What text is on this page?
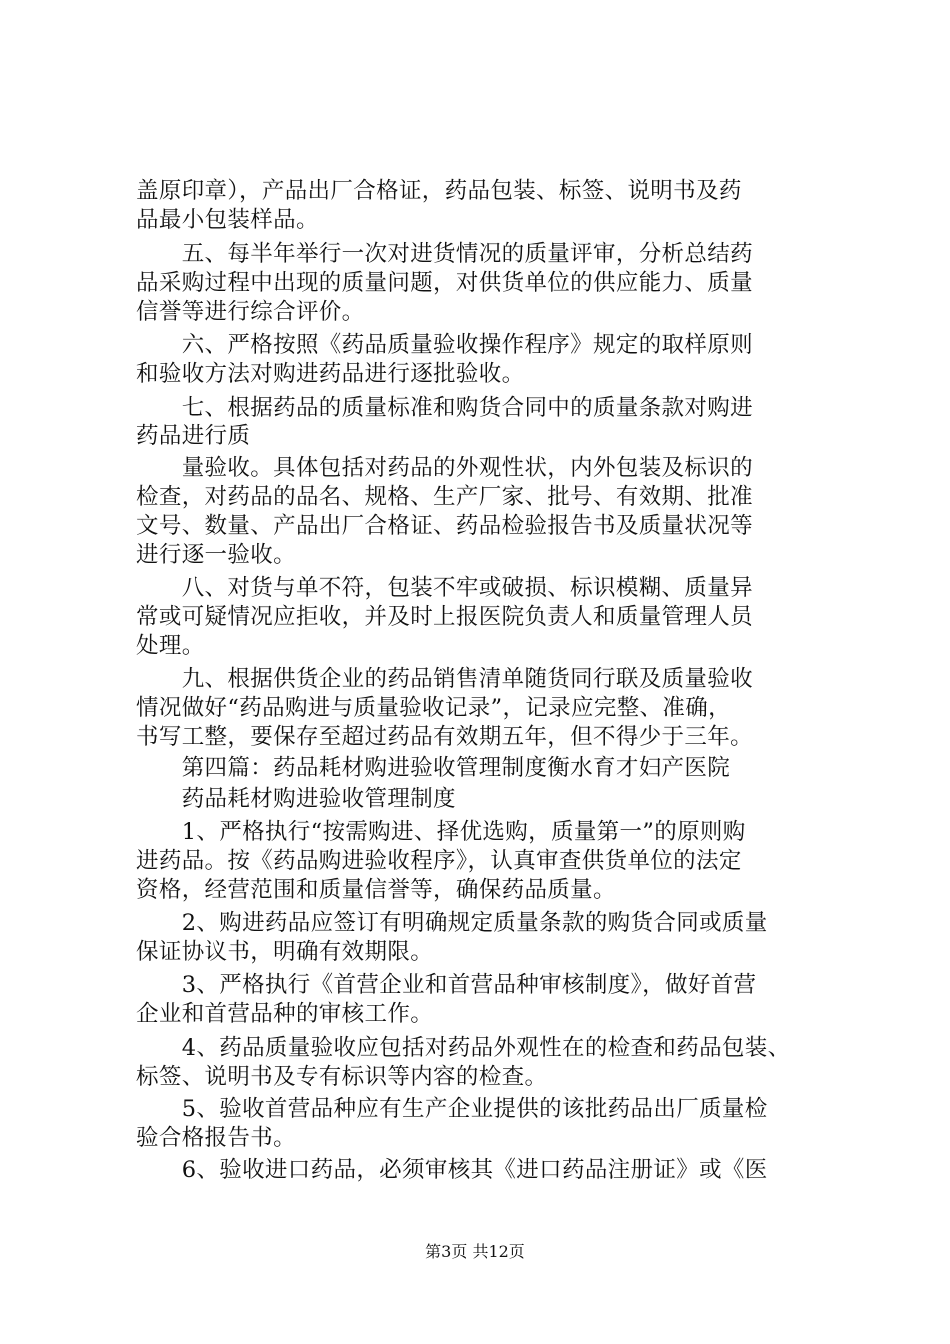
盖原印章），产品出厂合格证，药品包装、标签、说明书及药
品最小包装样品。
　　五、每半年举行一次对进货情况的质量评审，分析总结药
品采购过程中出现的质量问题，对供货单位的供应能力、质量
信誉等进行综合评价。
　　六、严格按照《药品质量验收操作程序》规定的取样原则
和验收方法对购进药品进行逐批验收。
　　七、根据药品的质量标准和购货合同中的质量条款对购进
药品进行质
　　量验收。具体包括对药品的外观性状，内外包装及标识的
检查，对药品的品名、规格、生产厂家、批号、有效期、批准
文号、数量、产品出厂合格证、药品检验报告书及质量状况等
进行逐一验收。
　　八、对货与单不符，包装不牢或破损、标识模糊、质量异
常或可疑情况应拒收，并及时上报医院负责人和质量管理人员
处理。
　　九、根据供货企业的药品销售清单随货同行联及质量验收
情况做好“药品购进与质量验收记录”，记录应完整、准确，
书写工整，要保存至超过药品有效期五年，但不得少于三年。
　　第四篇：药品耗材购进验收管理制度衡水育才妇产医院
　　药品耗材购进验收管理制度
　　1、严格执行“按需购进、择优选购，质量第一”的原则购
进药品。按《药品购进验收程序》，认真审查供货单位的法定
资格，经营范围和质量信誉等，确保药品质量。
　　2、购进药品应签订有明确规定质量条款的购货合同或质量
保证协议书，明确有效期限。
　　3、严格执行《首营企业和首营品种审核制度》，做好首营
企业和首营品种的审核工作。
　　4、药品质量验收应包括对药品外观性在的检查和药品包装、
标签、说明书及专有标识等内容的检查。
　　5、验收首营品种应有生产企业提供的该批药品出厂质量检
验合格报告书。
　　6、验收进口药品，必须审核其《进口药品注册证》或《医
第3页 共12页
